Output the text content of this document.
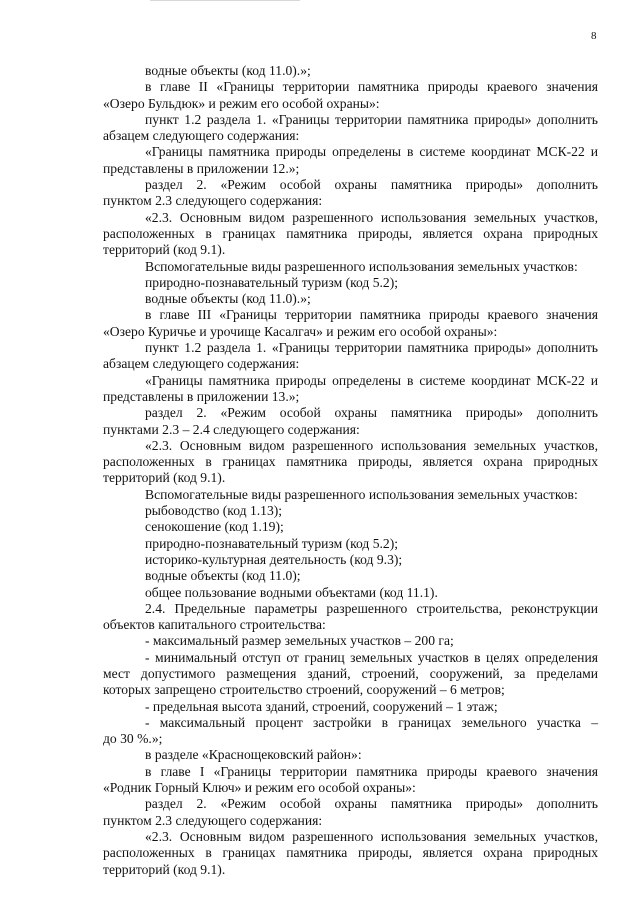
8
водные объекты (код 11.0).»;
в главе II «Границы территории памятника природы краевого значения
«Озеро Бульдюк» и режим его особой охраны»:
пункт 1.2 раздела 1. «Границы территории памятника природы» дополнить
абзацем следующего содержания:
«Границы памятника природы определены в системе координат МСК-22 и
представлены в приложении 12.»;
раздел 2. «Режим особой охраны памятника природы» дополнить
пунктом 2.3 следующего содержания:
«2.3. Основным видом разрешенного использования земельных участков,
расположенных в границах памятника природы, является охрана природных
территорий (код 9.1).
Вспомогательные виды разрешенного использования земельных участков:
природно-познавательный туризм (код 5.2);
водные объекты (код 11.0).»;
в главе III «Границы территории памятника природы краевого значения
«Озеро Куричье и урочище Касалгач» и режим его особой охраны»:
пункт 1.2 раздела 1. «Границы территории памятника природы» дополнить
абзацем следующего содержания:
«Границы памятника природы определены в системе координат МСК-22 и
представлены в приложении 13.»;
раздел 2. «Режим особой охраны памятника природы» дополнить
пунктами 2.3 – 2.4 следующего содержания:
«2.3. Основным видом разрешенного использования земельных участков,
расположенных в границах памятника природы, является охрана природных
территорий (код 9.1).
Вспомогательные виды разрешенного использования земельных участков:
рыбоводство (код 1.13);
сенокошение (код 1.19);
природно-познавательный туризм (код 5.2);
историко-культурная деятельность (код 9.3);
водные объекты (код 11.0);
общее пользование водными объектами (код 11.1).
2.4. Предельные параметры разрешенного строительства, реконструкции
объектов капитального строительства:
- максимальный размер земельных участков – 200 га;
- минимальный отступ от границ земельных участков в целях определения
мест допустимого размещения зданий, строений, сооружений, за пределами
которых запрещено строительство строений, сооружений – 6 метров;
- предельная высота зданий, строений, сооружений – 1 этаж;
- максимальный процент застройки в границах земельного участка –
до 30 %.»;
в разделе «Краснощековский район»:
в главе I «Границы территории памятника природы краевого значения
«Родник Горный Ключ» и режим его особой охраны»:
раздел 2. «Режим особой охраны памятника природы» дополнить
пунктом 2.3 следующего содержания:
«2.3. Основным видом разрешенного использования земельных участков,
расположенных в границах памятника природы, является охрана природных
территорий (код 9.1).
